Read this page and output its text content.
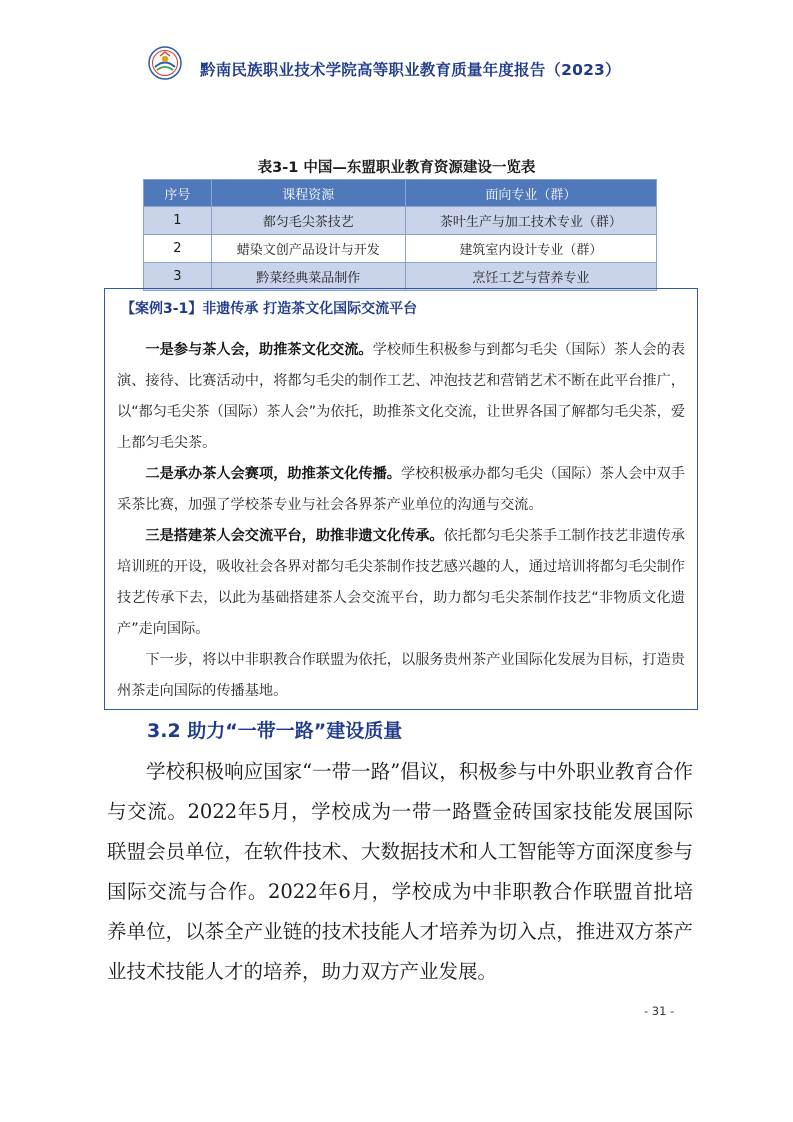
黔南民族职业技术学院高等职业教育质量年度报告（2023）
表3-1 中国—东盟职业教育资源建设一览表
序号	课程资源	面向专业（群）
1	都匀毛尖茶技艺	茶叶生产与加工技术专业（群）
2	蜡染文创产品设计与开发	建筑室内设计专业（群）
3	黔菜经典菜品制作	烹饪工艺与营养专业
【案例3-1】非遗传承 打造茶文化国际交流平台

一是参与茶人会，助推茶文化交流。学校师生积极参与到都匀毛尖（国际）茶人会的表演、接待、比赛活动中，将都匀毛尖的制作工艺、冲泡技艺和营销艺术不断在此平台推广，以“都匀毛尖茶（国际）茶人会”为依托，助推茶文化交流，让世界各国了解都匀毛尖茶，爱上都匀毛尖茶。

二是承办茶人会赛项，助推茶文化传播。学校积极承办都匀毛尖（国际）茶人会中双手采茶比赛，加强了学校茶专业与社会各界茶产业单位的沟通与交流。

三是搭建茶人会交流平台，助推非遗文化传承。依托都匀毛尖茶手工制作技艺非遗传承培训班的开设，吸收社会各界对都匀毛尖茶制作技艺感兴趣的人，通过培训将都匀毛尖制作技艺传承下去，以此为基础搭建茶人会交流平台，助力都匀毛尖茶制作技艺“非物质文化遗产”走向国际。

下一步，将以中非职教合作联盟为依托，以服务贵州茶产业国际化发展为目标，打造贵州茶走向国际的传播基地。

3.2 助力“一带一路”建设质量

学校积极响应国家“一带一路”倡议，积极参与中外职业教育合作与交流。2022年5月，学校成为一带一路暨金砖国家技能发展国际联盟会员单位，在软件技术、大数据技术和人工智能等方面深度参与国际交流与合作。2022年6月，学校成为中非职教合作联盟首批培养单位，以茶全产业链的技术技能人才培养为切入点，推进双方茶产业技术技能人才的培养，助力双方产业发展。

- 31 -
